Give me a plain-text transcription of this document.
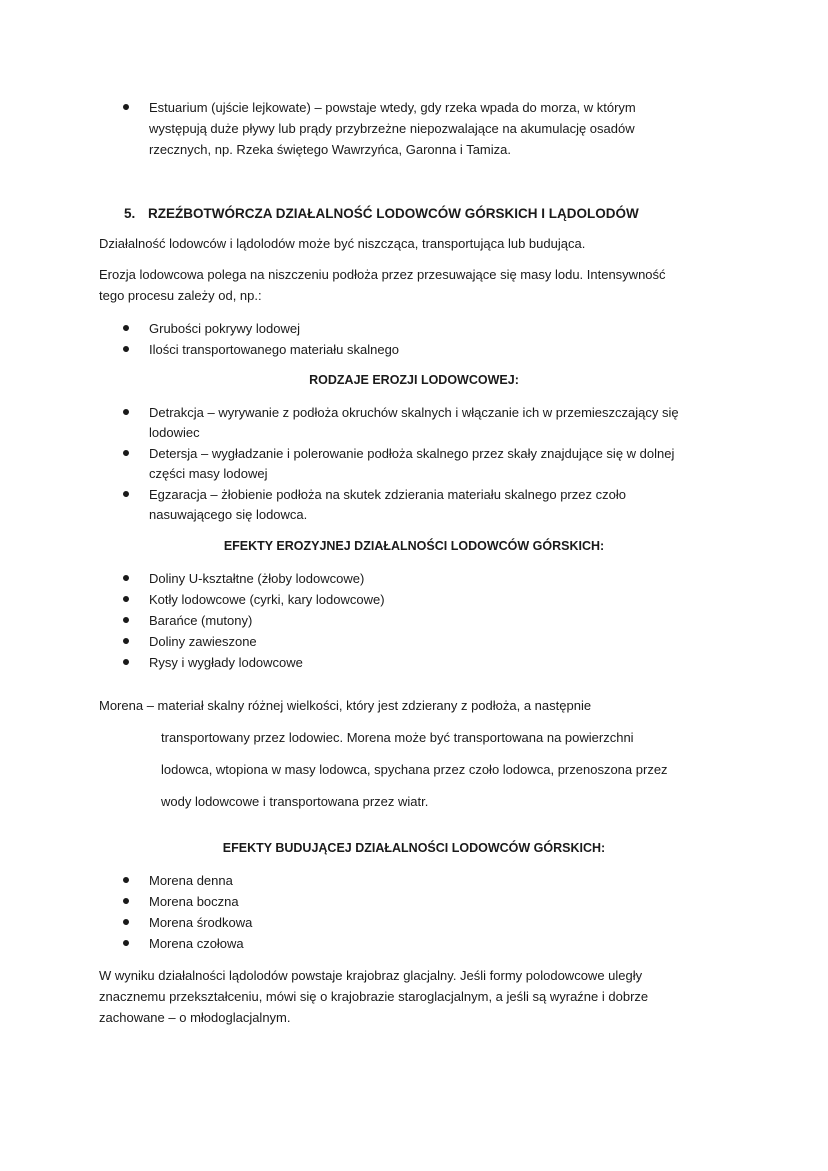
Estuarium (ujście lejkowate) – powstaje wtedy, gdy rzeka wpada do morza, w którym
występują duże pływy lub prądy przybrzeżne niepozwalające na akumulację osadów
rzecznych, np. Rzeka świętego Wawrzyńca, Garonna i Tamiza.
5. RZEŹBOTWÓRCZA DZIAŁALNOŚĆ LODOWCÓW GÓRSKICH I LĄDOLODÓW
Działalność lodowców i lądolodów może być niszcząca, transportująca lub budująca.
Erozja lodowcowa polega na niszczeniu podłoża przez przesuwające się masy lodu. Intensywność
tego procesu zależy od, np.:
Grubości pokrywy lodowej
Ilości transportowanego materiału skalnego
RODZAJE EROZJI LODOWCOWEJ:
Detrakcja – wyrywanie z podłoża okruchów skalnych i włączanie ich w przemieszczający się
lodowiec
Detersja – wygładzanie i polerowanie podłoża skalnego przez skały znajdujące się w dolnej
części masy lodowej
Egzaracja – żłobienie podłoża na skutek zdzierania materiału skalnego przez czoło
nasuwającego się lodowca.
EFEKTY EROZYJNEJ DZIAŁALNOŚCI LODOWCÓW GÓRSKICH:
Doliny U-kształtne (żłoby lodowcowe)
Kotły lodowcowe (cyrki, kary lodowcowe)
Barańce (mutony)
Doliny zawieszone
Rysy i wygłady lodowcowe
Morena – materiał skalny różnej wielkości, który jest zdzierany z podłoża, a następnie
transportowany przez lodowiec. Morena może być transportowana na powierzchni
lodowca, wtopiona w masy lodowca, spychana przez czoło lodowca, przenoszona przez
wody lodowcowe i transportowana przez wiatr.
EFEKTY BUDUJĄCEJ DZIAŁALNOŚCI LODOWCÓW GÓRSKICH:
Morena denna
Morena boczna
Morena środkowa
Morena czołowa
W wyniku działalności lądolodów powstaje krajobraz glacjalny. Jeśli formy polodowcowe uległy
znacznemu przekształceniu, mówi się o krajobrazie staroglacjalnym, a jeśli są wyraźne i dobrze
zachowane – o młodoglacjalnym.
